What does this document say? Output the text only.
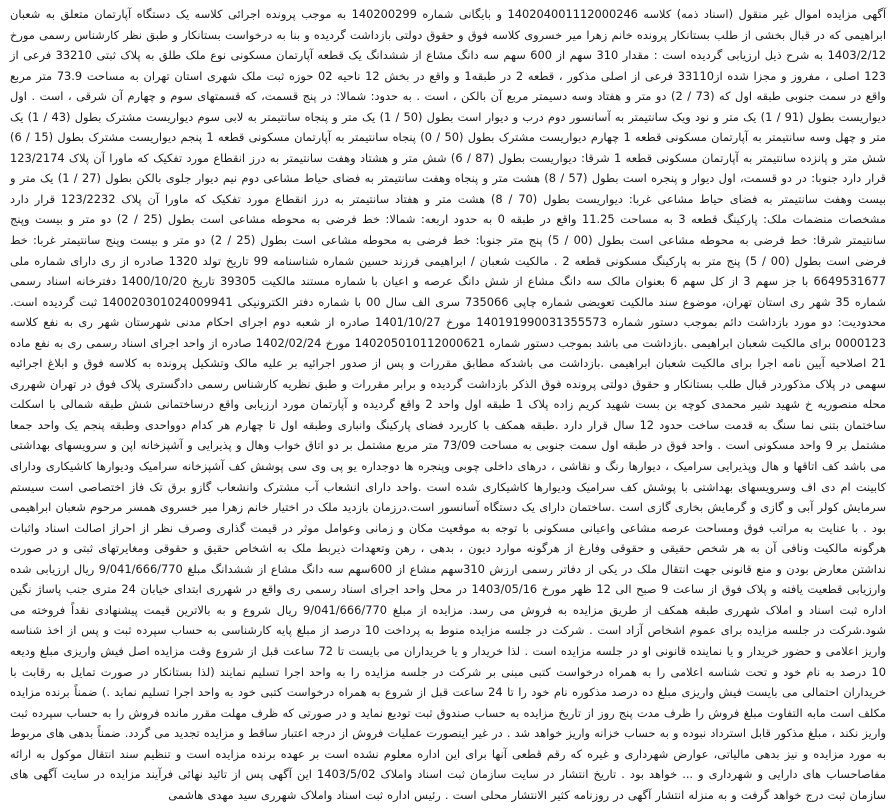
آگهی مزایده اموال غیر منقول (اسناد ذمه) کلاسه 140204001112000246 و بایگانی شماره 140200299 به موجب پرونده اجرائی کلاسه یک دستگاه آپارتمان متعلق به شعبان ابراهیمی که در قبال بخشی از طلب بستانکار پرونده خانم زهرا میر خسروی کلاسه فوق و حقوق دولتی بازداشت گردیده و بنا به درخواست بستانکار و طبق نظر کارشناس رسمی مورخ 1403/2/12 به شرح ذیل ارزیابی گردیده است : مقدار 310 سهم از 600 سهم سه دانگ مشاع از ششدانگ یک قطعه آپارتمان مسکونی نوع ملک طلق به پلاک ثبتی 33210 فرعی از 123 اصلی ، مفروز و مجزا شده از33110 فرعی از اصلی مذکور ، قطعه 2 در طبقه1 و واقع در بخش 12 ناحیه 02 حوزه ثبت ملک شهری استان تهران به مساحت 73.9 متر مربع واقع در سمت جنوبی طبقه اول که (73 / 2) دو متر و هفتاد وسه دسیمتر مربع آن بالکن ، است . به حدود: شمالا: در پنج قسمت، که قسمتهای سوم و چهارم آن شرقی ، است . اول دیواریست بطول (91 / 1) یک متر و نود ویک سانتیمتر به آسانسور دوم درب و دیوار است بطول (50 / 1) یک متر و پنجاه سانتیمتر به لابی سوم دیواریست مشترک بطول (43 / 1) یک متر و چهل وسه سانتیمتر به آپارتمان مسکونی قطعه 1 چهارم دیواریست مشترک بطول (50 / 0) پنجاه سانتیمتر به آپارتمان مسکونی قطعه 1 پنجم دیواریست مشترک بطول (15 / 6) شش متر و پانزده سانتیمتر به آپارتمان مسکونی قطعه 1 شرقا: دیواریست بطول (87 / 6) شش متر و هشتاد وهفت سانتیمتر به درز انقطاع مورد تفکیک که ماورا آن پلاک 123/2174 قرار دارد جنوبا: در دو قسمت، اول دیوار و پنجره است بطول (57 / 8) هشت متر و پنجاه وهفت سانتیمتر به فضای حیاط مشاعی دوم نیم دیوار جلوی بالکن بطول (27 / 1) یک متر و بیست وهفت سانتیمتر به فضای حیاط مشاعی غربا: دیواریست بطول (70 / 8) هشت متر و هفتاد سانتیمتر به درز انقطاع مورد تفکیک که ماورا آن پلاک 123/2232 قرار دارد مشخصات منضمات ملک: پارکینگ قطعه 3 به مساحت 11.25 واقع در طبقه 0 به حدود اربعه: شمالا: خط فرضی به محوطه مشاعی است بطول (25 / 2) دو متر و بیست وپنج سانتیمتر شرقا: خط فرضی به محوطه مشاعی است بطول (00 / 5) پنج متر جنوبا: خط فرضی به محوطه مشاعی است بطول (25 / 2) دو متر و بیست وپنج سانتیمتر غربا: خط فرضی است بطول (00 / 5) پنج متر به پارکینگ مسکونی قطعه 2 . مالکیت شعبان / ابراهیمی فرزند حسین شماره شناسنامه 99 تاریخ تولد 1320 صادره از ری دارای شماره ملی 6649531677 با جز سهم 3 از کل سهم 6 بعنوان مالک سه دانگ مشاع از شش دانگ عرصه و اعیان با شماره مستند مالکیت 39305 تاریخ 1400/10/20 دفترخانه اسناد رسمی شماره 35 شهر ری استان تهران، موضوع سند مالکیت تعویضی شماره چاپی 735066 سری الف سال 00 با شماره دفتر الکترونیکی 140020301024009941 ثبت گردیده است. محدودیت: دو مورد بازداشت دائم بموجب دستور شماره 140191990031355573 مورخ 1401/10/27 صادره از شعبه دوم اجرای احکام مدنی شهرستان شهر ری به نفع کلاسه 0000123 برای مالکیت شعبان ابراهیمی .بازداشت می باشد بموجب دستور شماره 140205010112000621 مورخ 1402/02/24 صادره از واحد اجرای اسناد رسمی ری به نفع ماده 21 اصلاحیه آیین نامه اجرا برای مالکیت شعبان ابراهیمی .بازداشت می باشدکه مطابق مقررات و پس از صدور اجرائیه بر علیه مالک وتشکیل پرونده به کلاسه فوق و ابلاغ اجرائیه سهمی در پلاک مذکوردر قبال طلب بستانکار و حقوق دولتی پرونده فوق الذکر بازداشت گردیده و برابر مقررات و طبق نظریه کارشناس رسمی دادگستری پلاک فوق در تهران شهرری محله منصوریه خ شهید شیر محمدی کوچه بن بست شهید کریم زاده پلاک 1 طبقه اول واحد 2 واقع گردیده و آپارتمان مورد ارزیابی واقع درساختمانی شش طبقه شمالی با اسکلت ساختمان بتنی نما سنگ به قدمت ساخت حدود 12 سال قرار دارد .طبقه همکف با کاربرد فضای پارکینگ وانباری وطبقه اول تا چهارم هر کدام دوواحدی وطبقه پنجم یک واحد جمعا مشتمل بر 9 واحد مسکونی است . واحد فوق در طبقه اول سمت جنوبی به مساحت 73/09 متر مربع مشتمل بر دو اتاق خواب وهال و پذیرایی و آشپزخانه اپن و سرویسهای بهداشتی می باشد کف اتاقها و هال وپذیرایی سرامیک ، دیوارها رنگ و نقاشی ، درهای داخلی چوبی وپنجره ها دوجداره یو پی وی سی پوشش کف آشپزخانه سرامیک ودیوارها کاشیکاری ودارای کابینت ام دی اف وسرویسهای بهداشتی با پوشش کف سرامیک ودیوارها کاشیکاری شده است .واحد دارای انشعاب آب مشترک وانشعاب گازو برق تک فاز اختصاصی است سیستم سرمایش کولر آبی و گازی و گرمایش بخاری گازی است .ساختمان دارای یک دستگاه آسانسور است.درزمان بازدید ملک در اختیار خانم زهرا میر خسروی همسر مرحوم شعبان ابراهیمی بود . با عنایت به مراتب فوق ومساحت عرصه مشاعی واعیانی مسکونی با توجه به موقعیت مکان و زمانی وعوامل موثر در قیمت گذاری وصرف نظر از احراز اصالت اسناد واثبات هرگونه مالکیت ونافی آن به هر شخص حقیقی و حقوقی وفارغ از هرگونه موارد دیون ، بدهی ، رهن وتعهدات ذیربط ملک به اشخاص حقیق و حقوقی ومغایرتهای ثبتی و در صورت نداشتن معارض بودن و منع قانونی جهت انتقال ملک در یکی از دفاتر رسمی ارزش 310سهم مشاع از 600سهم سه دانگ مشاع از ششدانگ مبلغ 9/041/666/770 ریال ارزیابی شده وارزیابی قطعیت یافته و پلاک فوق از ساعت 9 صبح الی 12 ظهر مورخ 1403/05/16 در محل واحد اجرای اسناد رسمی ری واقع در شهرری ابتدای خیابان 24 متری جنب پاساژ نگین اداره ثبت اسناد و املاک شهرری طبقه همکف از طریق مزایده به فروش می رسد. مزایده از مبلغ 9/041/666/770 ریال شروع و به بالاترین قیمت پیشنهادی نقداً فروخته می شود.شرکت در جلسه مزایده برای عموم اشخاص آزاد است . شرکت در جلسه مزایده منوط به پرداخت 10 درصد از مبلغ پایه کارشناسی به حساب سپرده ثبت و پس از اخذ شناسه واریز اعلامی و حضور خریدار و یا نماینده قانونی او در جلسه مزایده است . لذا خریدار و یا خریداران می بایست تا 72 ساعت قبل از شروع وقت مزایده اصل فیش واریزی مبلغ ودیعه 10 درصد به نام خود و تحت شناسه اعلامی را به همراه درخواست کتبی مبنی بر شرکت در جلسه مزایده را به واحد اجرا تسلیم نمایند (لذا بستانکار در صورت تمایل به رقابت با خریداران احتمالی می بایست فیش واریزی مبلغ ده درصد مذکوره نام خود را تا 24 ساعت قبل از شروع به همراه درخواست کتبی خود به واحد اجرا تسلیم نماید .) ضمناً برنده مزایده مکلف است مابه التفاوت مبلغ فروش را ظرف مدت پنج روز از تاریخ مزایده به حساب صندوق ثبت تودیع نماید و در صورتی که ظرف مهلت مقرر مانده فروش را به حساب سپرده ثبت واریز نکند ، مبلغ مذکور قابل استرداد نبوده و به حساب خزانه واریز خواهد شد . در غیر اینصورت عملیات فروش از درجه اعتبار ساقط و مزایده تجدید می گردد. ضمناً بدهی های مربوط به مورد مزایده و نیز بدهی مالیاتی، عوارض شهرداری و غیره که رقم قطعی آنها برای این اداره معلوم نشده است بر عهده برنده مزایده است و تنظیم سند انتقال موکول به ارائه مفاصاحساب های دارایی و شهرداری و ... خواهد بود . تاریخ انتشار در سایت سازمان ثبت اسناد واملاک 1403/5/02 این آگهی پس از تائید نهائی فرآیند مزایده در سایت آگهی های سازمان ثبت درج خواهد گرفت و به منزله انتشار آگهی در روزنامه کثیر الانتشار محلی است . رئیس اداره ثبت اسناد واملاک شهرری سید مهدی هاشمی
